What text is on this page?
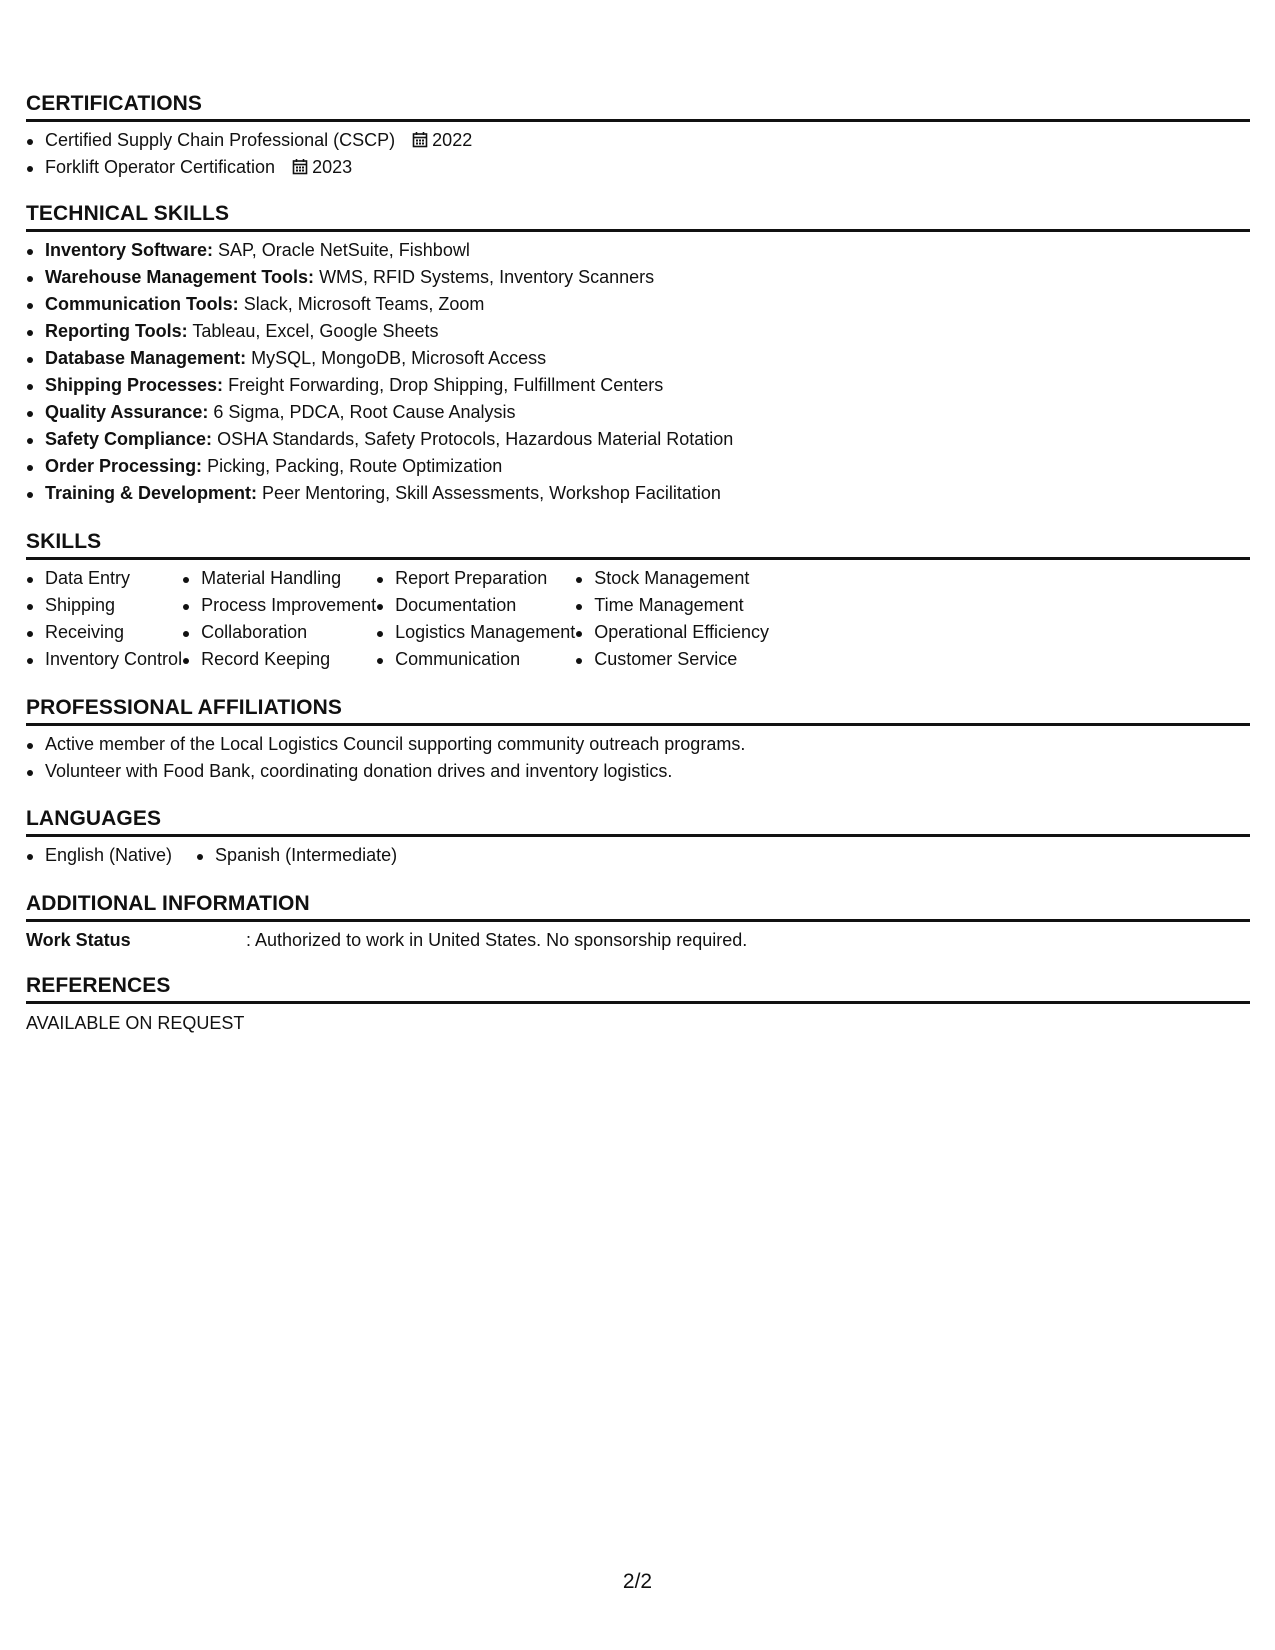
CERTIFICATIONS
Certified Supply Chain Professional (CSCP) 2022
Forklift Operator Certification 2023
TECHNICAL SKILLS
Inventory Software: SAP, Oracle NetSuite, Fishbowl
Warehouse Management Tools: WMS, RFID Systems, Inventory Scanners
Communication Tools: Slack, Microsoft Teams, Zoom
Reporting Tools: Tableau, Excel, Google Sheets
Database Management: MySQL, MongoDB, Microsoft Access
Shipping Processes: Freight Forwarding, Drop Shipping, Fulfillment Centers
Quality Assurance: 6 Sigma, PDCA, Root Cause Analysis
Safety Compliance: OSHA Standards, Safety Protocols, Hazardous Material Rotation
Order Processing: Picking, Packing, Route Optimization
Training & Development: Peer Mentoring, Skill Assessments, Workshop Facilitation
SKILLS
Data Entry
Shipping
Receiving
Inventory Control
Material Handling
Process Improvement
Collaboration
Record Keeping
Report Preparation
Documentation
Logistics Management
Communication
Stock Management
Time Management
Operational Efficiency
Customer Service
PROFESSIONAL AFFILIATIONS
Active member of the Local Logistics Council supporting community outreach programs.
Volunteer with Food Bank, coordinating donation drives and inventory logistics.
LANGUAGES
English (Native)	Spanish (Intermediate)
ADDITIONAL INFORMATION
Work Status	: Authorized to work in United States. No sponsorship required.
REFERENCES
AVAILABLE ON REQUEST
2/2
